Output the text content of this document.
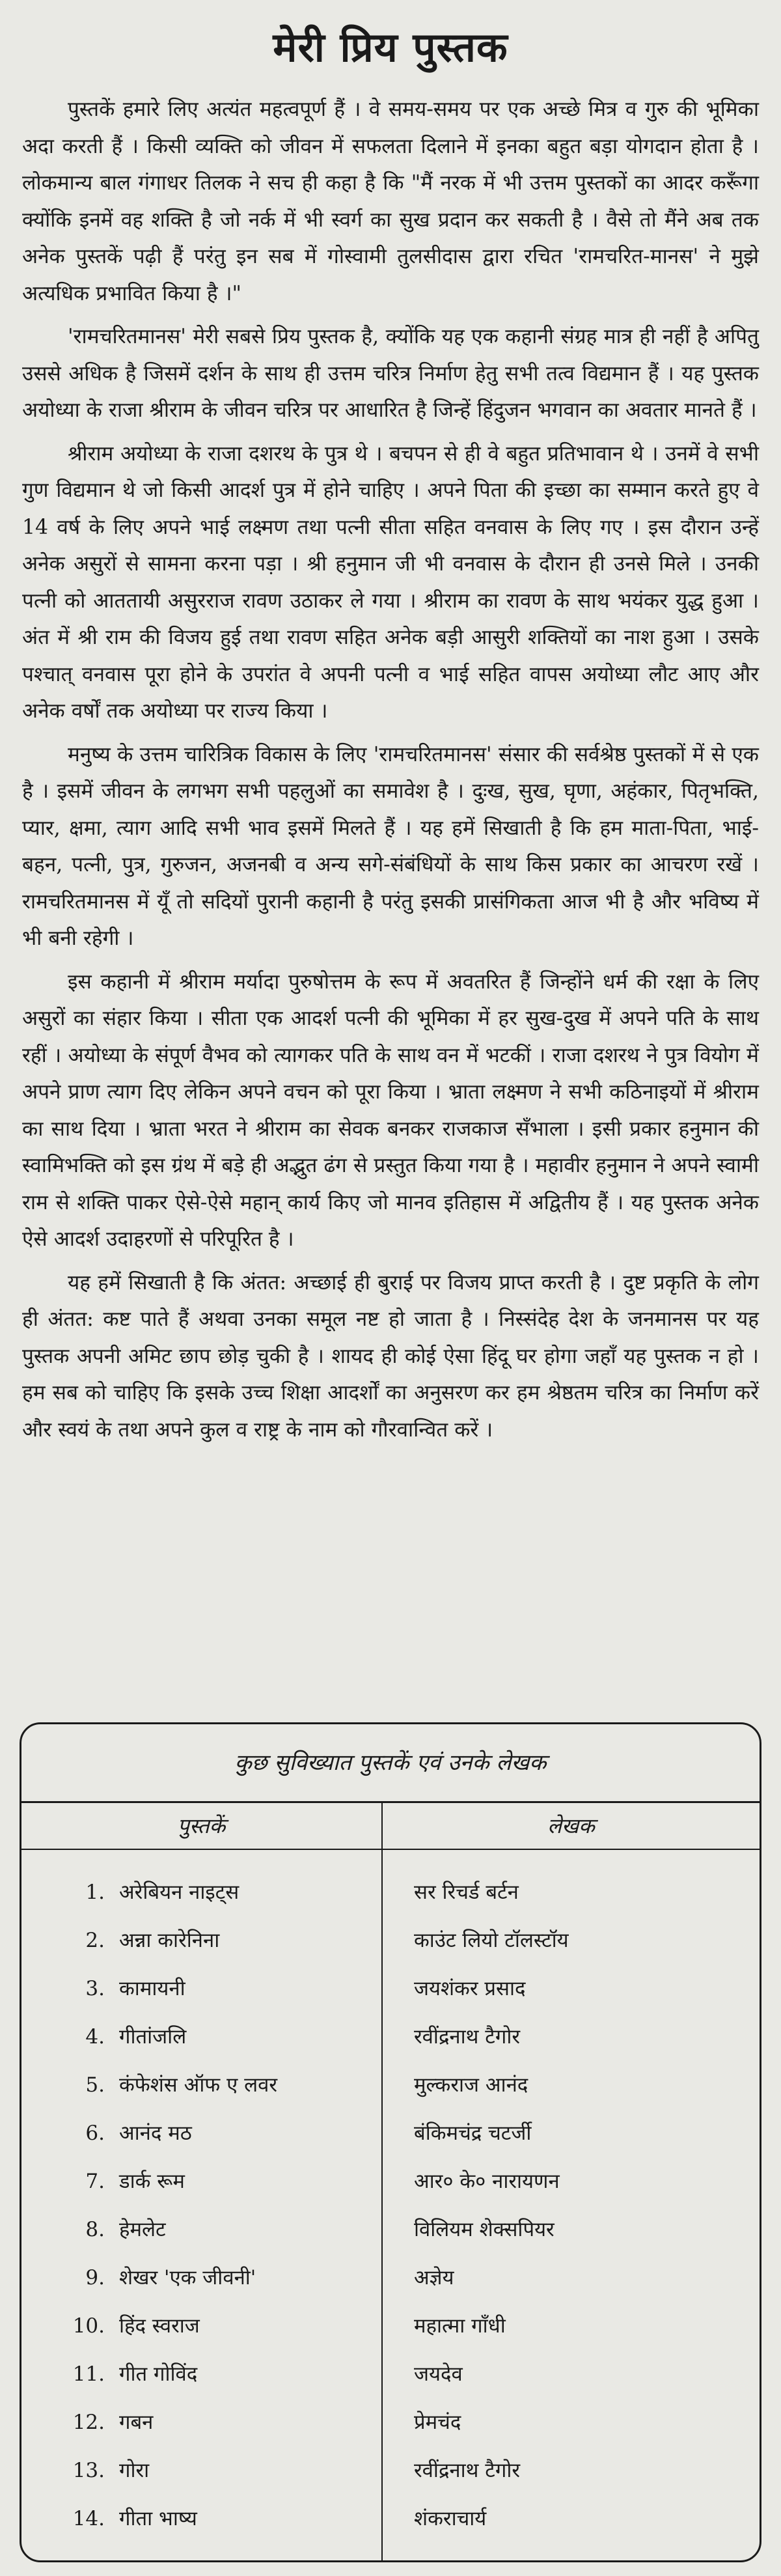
मेरी प्रिय पुस्तक

पुस्तकें हमारे लिए अत्यंत महत्वपूर्ण हैं । वे समय-समय पर एक अच्छे मित्र व गुरु की भूमिका अदा करती हैं । किसी व्यक्ति को जीवन में सफलता दिलाने में इनका बहुत बड़ा योगदान होता है । लोकमान्य बाल गंगाधर तिलक ने सच ही कहा है कि "मैं नरक में भी उत्तम पुस्तकों का आदर करूँगा क्योंकि इनमें वह शक्ति है जो नर्क में भी स्वर्ग का सुख प्रदान कर सकती है । वैसे तो मैंने अब तक अनेक पुस्तकें पढ़ी हैं परंतु इन सब में गोस्वामी तुलसीदास द्वारा रचित 'रामचरित-मानस' ने मुझे अत्यधिक प्रभावित किया है ।"

'रामचरितमानस' मेरी सबसे प्रिय पुस्तक है, क्योंकि यह एक कहानी संग्रह मात्र ही नहीं है अपितु उससे अधिक है जिसमें दर्शन के साथ ही उत्तम चरित्र निर्माण हेतु सभी तत्व विद्यमान हैं । यह पुस्तक अयोध्या के राजा श्रीराम के जीवन चरित्र पर आधारित है जिन्हें हिंदुजन भगवान का अवतार मानते हैं ।

श्रीराम अयोध्या के राजा दशरथ के पुत्र थे । बचपन से ही वे बहुत प्रतिभावान थे । उनमें वे सभी गुण विद्यमान थे जो किसी आदर्श पुत्र में होने चाहिए । अपने पिता की इच्छा का सम्मान करते हुए वे 14 वर्ष के लिए अपने भाई लक्ष्मण तथा पत्नी सीता सहित वनवास के लिए गए । इस दौरान उन्हें अनेक असुरों से सामना करना पड़ा । श्री हनुमान जी भी वनवास के दौरान ही उनसे मिले । उनकी पत्नी को आततायी असुरराज रावण उठाकर ले गया । श्रीराम का रावण के साथ भयंकर युद्ध हुआ । अंत में श्री राम की विजय हुई तथा रावण सहित अनेक बड़ी आसुरी शक्तियों का नाश हुआ । उसके पश्चात् वनवास पूरा होने के उपरांत वे अपनी पत्नी व भाई सहित वापस अयोध्या लौट आए और अनेक वर्षों तक अयोध्या पर राज्य किया ।

मनुष्य के उत्तम चारित्रिक विकास के लिए 'रामचरितमानस' संसार की सर्वश्रेष्ठ पुस्तकों में से एक है । इसमें जीवन के लगभग सभी पहलुओं का समावेश है । दुःख, सुख, घृणा, अहंकार, पितृभक्ति, प्यार, क्षमा, त्याग आदि सभी भाव इसमें मिलते हैं । यह हमें सिखाती है कि हम माता-पिता, भाई-बहन, पत्नी, पुत्र, गुरुजन, अजनबी व अन्य सगे-संबंधियों के साथ किस प्रकार का आचरण रखें । रामचरितमानस में यूँ तो सदियों पुरानी कहानी है परंतु इसकी प्रासंगिकता आज भी है और भविष्य में भी बनी रहेगी ।

इस कहानी में श्रीराम मर्यादा पुरुषोत्तम के रूप में अवतरित हैं जिन्होंने धर्म की रक्षा के लिए असुरों का संहार किया । सीता एक आदर्श पत्नी की भूमिका में हर सुख-दुख में अपने पति के साथ रहीं । अयोध्या के संपूर्ण वैभव को त्यागकर पति के साथ वन में भटकीं । राजा दशरथ ने पुत्र वियोग में अपने प्राण त्याग दिए लेकिन अपने वचन को पूरा किया । भ्राता लक्ष्मण ने सभी कठिनाइयों में श्रीराम का साथ दिया । भ्राता भरत ने श्रीराम का सेवक बनकर राजकाज सँभाला । इसी प्रकार हनुमान की स्वामिभक्ति को इस ग्रंथ में बड़े ही अद्भुत ढंग से प्रस्तुत किया गया है । महावीर हनुमान ने अपने स्वामी राम से शक्ति पाकर ऐसे-ऐसे महान् कार्य किए जो मानव इतिहास में अद्वितीय हैं । यह पुस्तक अनेक ऐसे आदर्श उदाहरणों से परिपूरित है ।

यह हमें सिखाती है कि अंतत: अच्छाई ही बुराई पर विजय प्राप्त करती है । दुष्ट प्रकृति के लोग ही अंतत: कष्ट पाते हैं अथवा उनका समूल नष्ट हो जाता है । निस्संदेह देश के जनमानस पर यह पुस्तक अपनी अमिट छाप छोड़ चुकी है । शायद ही कोई ऐसा हिंदू घर होगा जहाँ यह पुस्तक न हो । हम सब को चाहिए कि इसके उच्च शिक्षा आदर्शों का अनुसरण कर हम श्रेष्ठतम चरित्र का निर्माण करें और स्वयं के तथा अपने कुल व राष्ट्र के नाम को गौरवान्वित करें ।

कुछ सुविख्यात पुस्तकें एवं उनके लेखक
पुस्तकें	लेखक
1. अरेबियन नाइट्स
2. अन्ना कारेनिना
3. कामायनी
4. गीतांजलि
5. कंफेशंस ऑफ ए लवर
6. आनंद मठ
7. डार्क रूम
8. हेमलेट
9. शेखर 'एक जीवनी'
10. हिंद स्वराज
11. गीत गोविंद
12. गबन
13. गोरा
14. गीता भाष्य
सर रिचर्ड बर्टन
काउंट लियो टॉलस्टॉय
जयशंकर प्रसाद
रवींद्रनाथ टैगोर
मुल्कराज आनंद
बंकिमचंद्र चटर्जी
आर० के० नारायणन
विलियम शेक्सपियर
अज्ञेय
महात्मा गाँधी
जयदेव
प्रेमचंद
रवींद्रनाथ टैगोर
शंकराचार्य
